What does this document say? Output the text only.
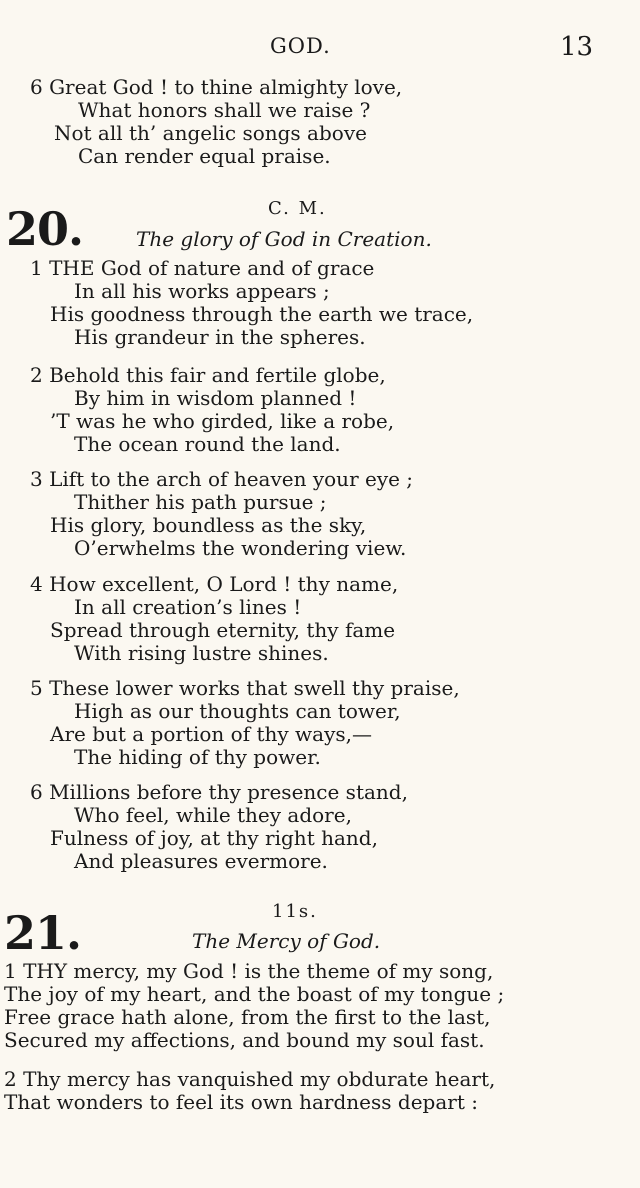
GOD.	13
6 Great God ! to thine almighty love,
What honors shall we raise ?
Not all th’ angelic songs above
Can render equal praise.
20.	C. M.
The glory of God in Creation.
1 THE God of nature and of grace
In all his works appears ;
His goodness through the earth we trace,
His grandeur in the spheres.
2 Behold this fair and fertile globe,
By him in wisdom planned !
’T was he who girded, like a robe,
The ocean round the land.
3 Lift to the arch of heaven your eye ;
Thither his path pursue ;
His glory, boundless as the sky,
O’erwhelms the wondering view.
4 How excellent, O Lord ! thy name,
In all creation’s lines !
Spread through eternity, thy fame
With rising lustre shines.
5 These lower works that swell thy praise,
High as our thoughts can tower,
Are but a portion of thy ways,—
The hiding of thy power.
6 Millions before thy presence stand,
Who feel, while they adore,
Fulness of joy, at thy right hand,
And pleasures evermore.
21.	11s.
The Mercy of God.
1 THY mercy, my God ! is the theme of my song,
The joy of my heart, and the boast of my tongue ;
Free grace hath alone, from the first to the last,
Secured my affections, and bound my soul fast.
2 Thy mercy has vanquished my obdurate heart,
That wonders to feel its own hardness depart :
